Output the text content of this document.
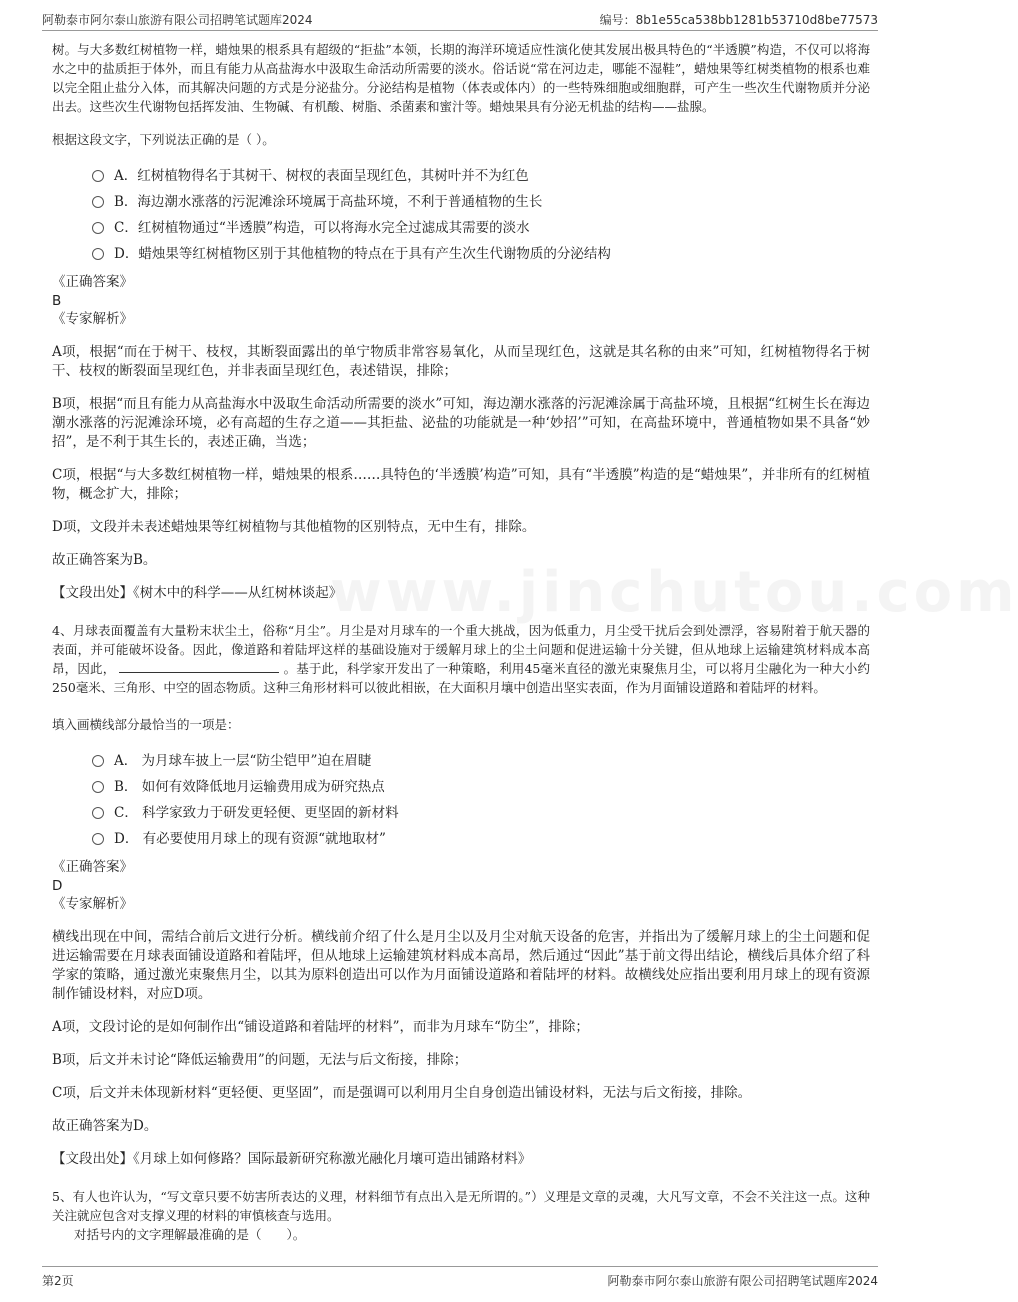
阿勒泰市阿尔泰山旅游有限公司招聘笔试题库2024	编号：8b1e55ca538bb1281b53710d8be77573
www.jinchutou.com

树。与大多数红树植物一样，蜡烛果的根系具有超级的“拒盐”本领，长期的海洋环境适应性演化使其发展出极具特色的“半透膜”构造，不仅可以将海水之中的盐质拒于体外，而且有能力从高盐海水中汲取生命活动所需要的淡水。俗话说“常在河边走，哪能不湿鞋”，蜡烛果等红树类植物的根系也难以完全阻止盐分入体，而其解决问题的方式是分泌盐分。分泌结构是植物（体表或体内）的一些特殊细胞或细胞群，可产生一些次生代谢物质并分泌出去。这些次生代谢物包括挥发油、生物碱、有机酸、树脂、杀菌素和蜜汁等。蜡烛果具有分泌无机盐的结构——盐腺。

根据这段文字，下列说法正确的是（ ）。

A．红树植物得名于其树干、树杈的表面呈现红色，其树叶并不为红色
B．海边潮水涨落的污泥滩涂环境属于高盐环境，不利于普通植物的生长
C．红树植物通过“半透膜”构造，可以将海水完全过滤成其需要的淡水
D．蜡烛果等红树植物区别于其他植物的特点在于具有产生次生代谢物质的分泌结构

《正确答案》

B

《专家解析》

A项，根据“而在于树干、枝杈，其断裂面露出的单宁物质非常容易氧化，从而呈现红色，这就是其名称的由来”可知，红树植物得名于树干、枝杈的断裂面呈现红色，并非表面呈现红色，表述错误，排除；

B项，根据“而且有能力从高盐海水中汲取生命活动所需要的淡水”可知，海边潮水涨落的污泥滩涂属于高盐环境，且根据“红树生长在海边潮水涨落的污泥滩涂环境，必有高超的生存之道——其拒盐、泌盐的功能就是一种‘妙招’”可知，在高盐环境中，普通植物如果不具备“妙招”，是不利于其生长的，表述正确，当选；

C项，根据“与大多数红树植物一样，蜡烛果的根系……具特色的‘半透膜’构造”可知，具有“半透膜”构造的是“蜡烛果”，并非所有的红树植物，概念扩大，排除；

D项，文段并未表述蜡烛果等红树植物与其他植物的区别特点，无中生有，排除。

故正确答案为B。

【文段出处】《树木中的科学——从红树林谈起》

4、月球表面覆盖有大量粉末状尘土，俗称“月尘”。月尘是对月球车的一个重大挑战，因为低重力，月尘受干扰后会到处漂浮，容易附着于航天器的表面，并可能破坏设备。因此，像道路和着陆坪这样的基础设施对于缓解月球上的尘土问题和促进运输十分关键，但从地球上运输建筑材料成本高昂，因此，	。基于此，科学家开发出了一种策略，利用45毫米直径的激光束聚焦月尘，可以将月尘融化为一种大小约250毫米、三角形、中空的固态物质。这种三角形材料可以彼此相嵌，在大面积月壤中创造出坚实表面，作为月面铺设道路和着陆坪的材料。

填入画横线部分最恰当的一项是：

A． 为月球车披上一层“防尘铠甲”迫在眉睫
B． 如何有效降低地月运输费用成为研究热点
C． 科学家致力于研发更轻便、更坚固的新材料
D． 有必要使用月球上的现有资源“就地取材”

《正确答案》

D

《专家解析》

横线出现在中间，需结合前后文进行分析。横线前介绍了什么是月尘以及月尘对航天设备的危害，并指出为了缓解月球上的尘土问题和促进运输需要在月球表面铺设道路和着陆坪，但从地球上运输建筑材料成本高昂，然后通过“因此”基于前文得出结论，横线后具体介绍了科学家的策略，通过激光束聚焦月尘，以其为原料创造出可以作为月面铺设道路和着陆坪的材料。故横线处应指出要利用月球上的现有资源制作铺设材料，对应D项。

A项，文段讨论的是如何制作出“铺设道路和着陆坪的材料”，而非为月球车“防尘”，排除；

B项，后文并未讨论“降低运输费用”的问题，无法与后文衔接，排除；

C项，后文并未体现新材料“更轻便、更坚固”，而是强调可以利用月尘自身创造出铺设材料，无法与后文衔接，排除。

故正确答案为D。

【文段出处】《月球上如何修路？国际最新研究称激光融化月壤可造出铺路材料》

5、有人也许认为，“写文章只要不妨害所表达的义理，材料细节有点出入是无所谓的。”）义理是文章的灵魂，大凡写文章，不会不关注这一点。这种关注就应包含对支撑义理的材料的审慎核查与选用。

对括号内的文字理解最准确的是（　　）。

第2页	阿勒泰市阿尔泰山旅游有限公司招聘笔试题库2024
